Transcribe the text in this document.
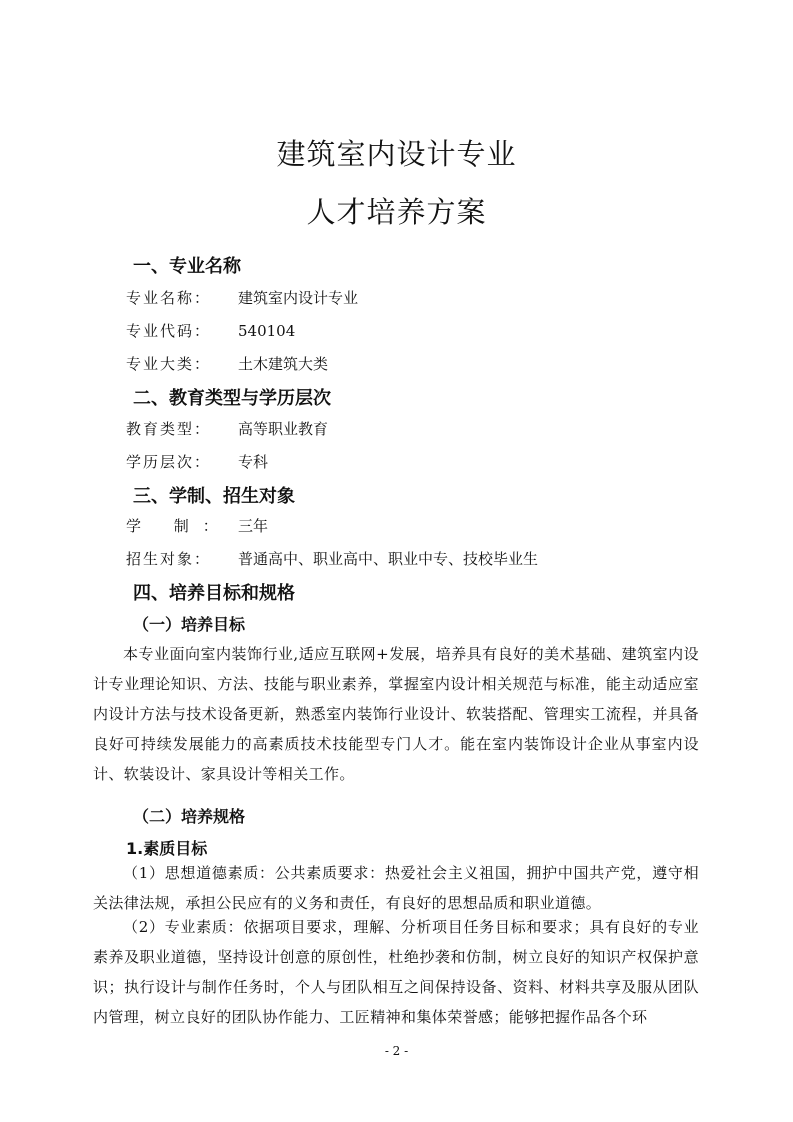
建筑室内设计专业
人才培养方案
一、专业名称
专业名称： 建筑室内设计专业
专业代码： 540104
专业大类： 土木建筑大类
二、教育类型与学历层次
教育类型： 高等职业教育
学历层次： 专科
三、学制、招生对象
学 制： 三年
招生对象： 普通高中、职业高中、职业中专、技校毕业生
四、培养目标和规格
（一）培养目标
本专业面向室内装饰行业,适应互联网+发展，培养具有良好的美术基础、建筑室内设计专业理论知识、方法、技能与职业素养，掌握室内设计相关规范与标准，能主动适应室内设计方法与技术设备更新，熟悉室内装饰行业设计、软装搭配、管理实工流程，并具备良好可持续发展能力的高素质技术技能型专门人才。能在室内装饰设计企业从事室内设计、软装设计、家具设计等相关工作。
（二）培养规格
1.素质目标
（1）思想道德素质：公共素质要求：热爱社会主义祖国，拥护中国共产党，遵守相关法律法规，承担公民应有的义务和责任，有良好的思想品质和职业道德。
（2）专业素质：依据项目要求，理解、分析项目任务目标和要求；具有良好的专业素养及职业道德，坚持设计创意的原创性，杜绝抄袭和仿制，树立良好的知识产权保护意识；执行设计与制作任务时，个人与团队相互之间保持设备、资料、材料共享及服从团队内管理，树立良好的团队协作能力、工匠精神和集体荣誉感；能够把握作品各个环
- 2 -
